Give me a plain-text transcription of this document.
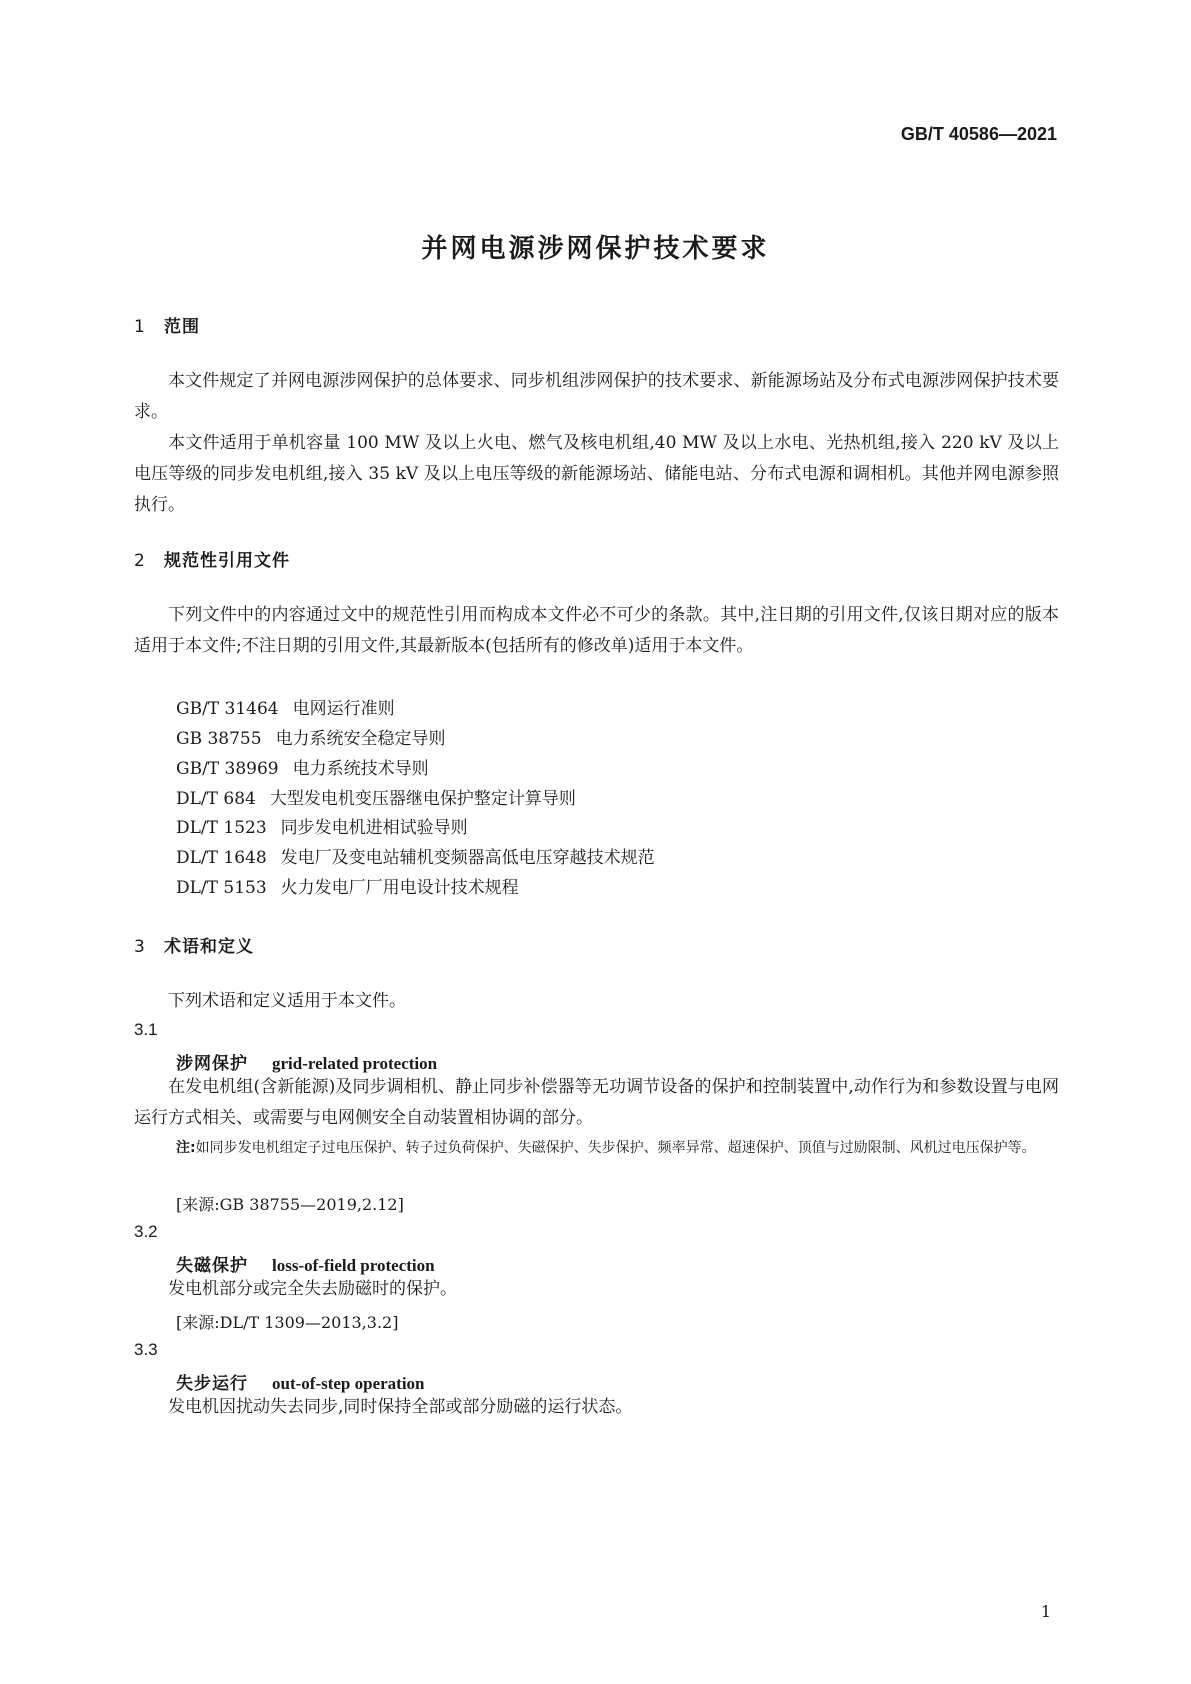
GB/T 40586—2021
并网电源涉网保护技术要求
1 范围
本文件规定了并网电源涉网保护的总体要求、同步机组涉网保护的技术要求、新能源场站及分布式电源涉网保护技术要求。
本文件适用于单机容量 100 MW 及以上火电、燃气及核电机组,40 MW 及以上水电、光热机组,接入 220 kV 及以上电压等级的同步发电机组,接入 35 kV 及以上电压等级的新能源场站、储能电站、分布式电源和调相机。其他并网电源参照执行。
2 规范性引用文件
下列文件中的内容通过文中的规范性引用而构成本文件必不可少的条款。其中,注日期的引用文件,仅该日期对应的版本适用于本文件;不注日期的引用文件,其最新版本(包括所有的修改单)适用于本文件。
GB/T 31464 电网运行准则
GB 38755 电力系统安全稳定导则
GB/T 38969 电力系统技术导则
DL/T 684 大型发电机变压器继电保护整定计算导则
DL/T 1523 同步发电机进相试验导则
DL/T 1648 发电厂及变电站辅机变频器高低电压穿越技术规范
DL/T 5153 火力发电厂厂用电设计技术规程
3 术语和定义
下列术语和定义适用于本文件。
3.1
涉网保护 grid-related protection
在发电机组(含新能源)及同步调相机、静止同步补偿器等无功调节设备的保护和控制装置中,动作行为和参数设置与电网运行方式相关、或需要与电网侧安全自动装置相协调的部分。
注:如同步发电机组定子过电压保护、转子过负荷保护、失磁保护、失步保护、频率异常、超速保护、顶值与过励限制、风机过电压保护等。
[来源:GB 38755—2019,2.12]
3.2
失磁保护 loss-of-field protection
发电机部分或完全失去励磁时的保护。
[来源:DL/T 1309—2013,3.2]
3.3
失步运行 out-of-step operation
发电机因扰动失去同步,同时保持全部或部分励磁的运行状态。
1
